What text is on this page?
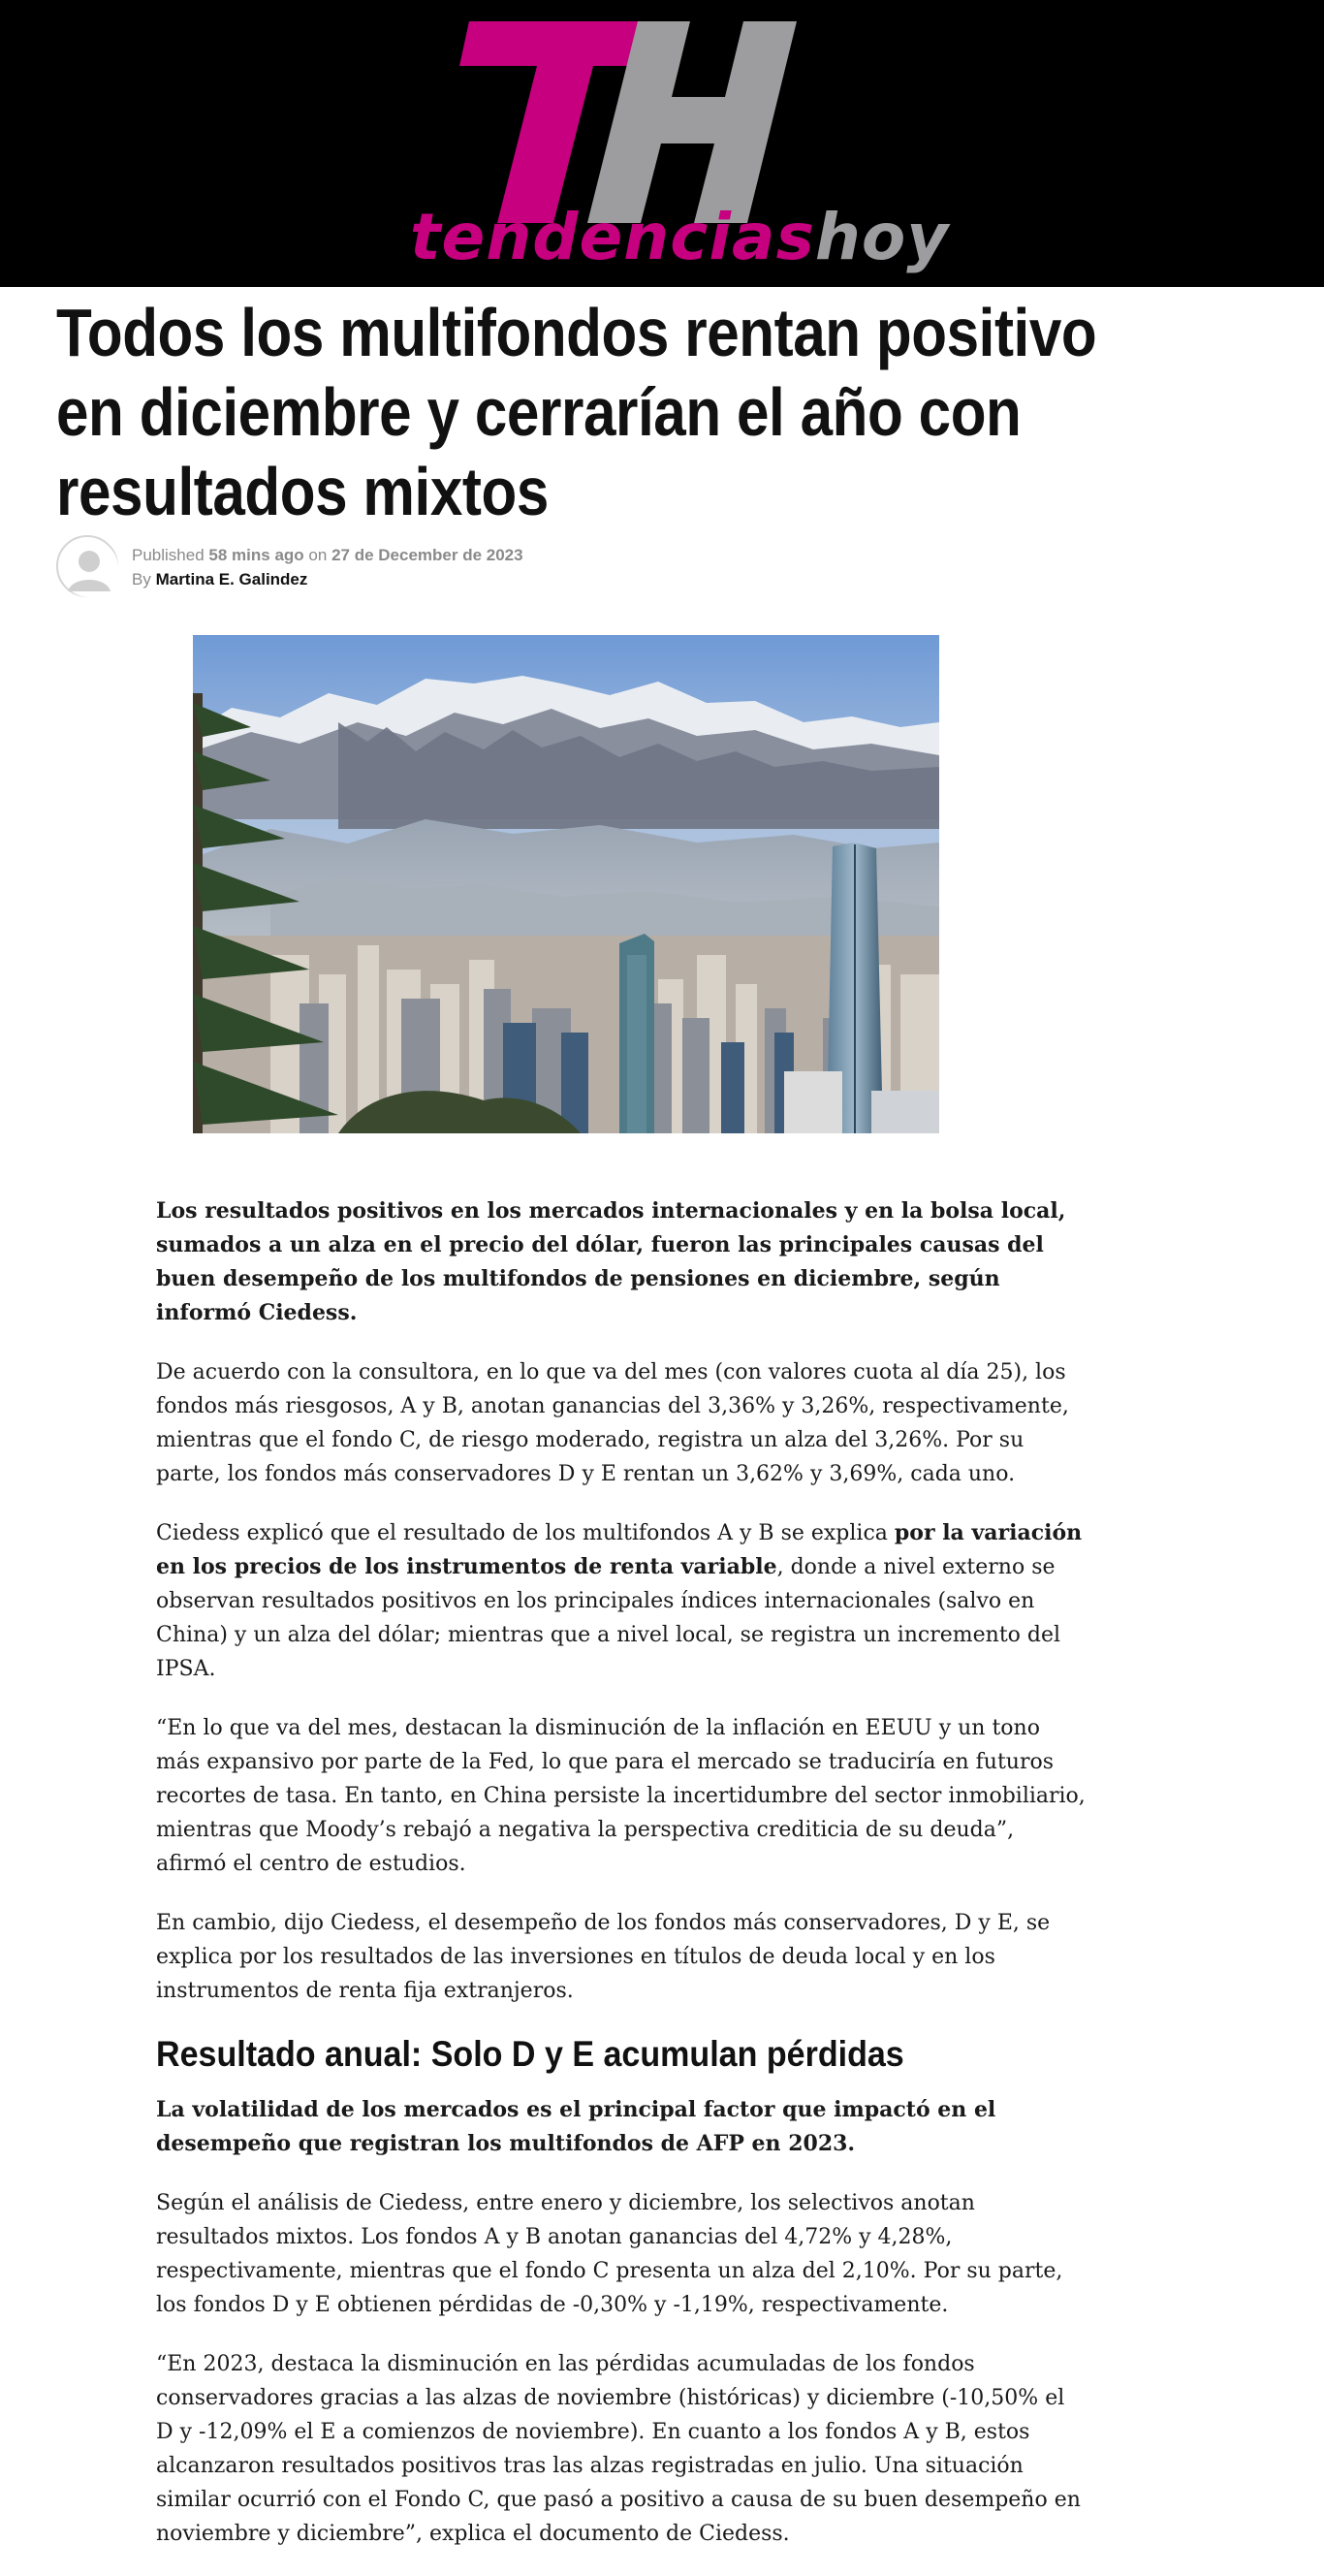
tendenciashoy
Todos los multifondos rentan positivo en diciembre y cerrarían el año con resultados mixtos
Published 58 mins ago on 27 de December de 2023
By Martina E. Galindez

Los resultados positivos en los mercados internacionales y en la bolsa local, sumados a un alza en el precio del dólar, fueron las principales causas del buen desempeño de los multifondos de pensiones en diciembre, según informó Ciedess.

De acuerdo con la consultora, en lo que va del mes (con valores cuota al día 25), los fondos más riesgosos, A y B, anotan ganancias del 3,36% y 3,26%, respectivamente, mientras que el fondo C, de riesgo moderado, registra un alza del 3,26%. Por su parte, los fondos más conservadores D y E rentan un 3,62% y 3,69%, cada uno.

Ciedess explicó que el resultado de los multifondos A y B se explica por la variación en los precios de los instrumentos de renta variable, donde a nivel externo se observan resultados positivos en los principales índices internacionales (salvo en China) y un alza del dólar; mientras que a nivel local, se registra un incremento del IPSA.

“En lo que va del mes, destacan la disminución de la inflación en EEUU y un tono más expansivo por parte de la Fed, lo que para el mercado se traduciría en futuros recortes de tasa. En tanto, en China persiste la incertidumbre del sector inmobiliario, mientras que Moody’s rebajó a negativa la perspectiva crediticia de su deuda”, afirmó el centro de estudios.

En cambio, dijo Ciedess, el desempeño de los fondos más conservadores, D y E, se explica por los resultados de las inversiones en títulos de deuda local y en los instrumentos de renta fija extranjeros.

Resultado anual: Solo D y E acumulan pérdidas

La volatilidad de los mercados es el principal factor que impactó en el desempeño que registran los multifondos de AFP en 2023.

Según el análisis de Ciedess, entre enero y diciembre, los selectivos anotan resultados mixtos. Los fondos A y B anotan ganancias del 4,72% y 4,28%, respectivamente, mientras que el fondo C presenta un alza del 2,10%. Por su parte, los fondos D y E obtienen pérdidas de -0,30% y -1,19%, respectivamente.

“En 2023, destaca la disminución en las pérdidas acumuladas de los fondos conservadores gracias a las alzas de noviembre (históricas) y diciembre (-10,50% el D y -12,09% el E a comienzos de noviembre). En cuanto a los fondos A y B, estos alcanzaron resultados positivos tras las alzas registradas en julio. Una situación similar ocurrió con el Fondo C, que pasó a positivo a causa de su buen desempeño en noviembre y diciembre”, explica el documento de Ciedess.
